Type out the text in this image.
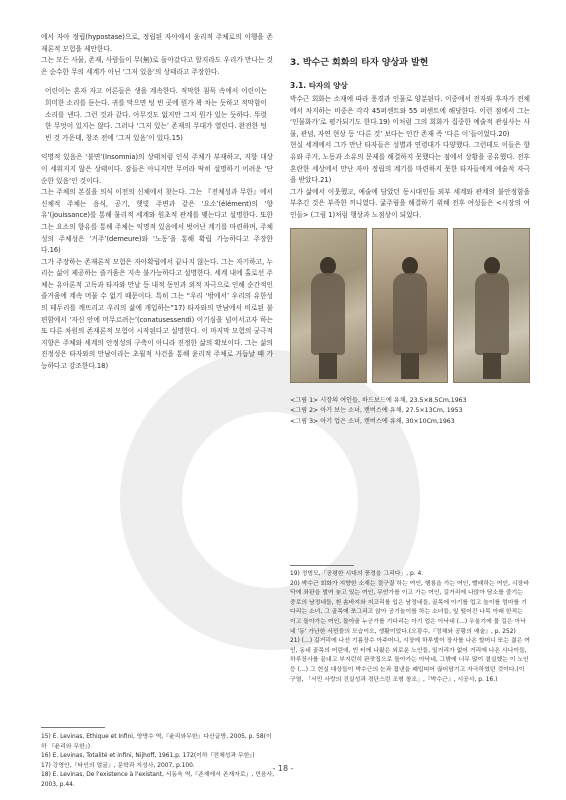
에서 자아 정립(hypostase)으로, 정립된 자아에서 윤리적 주체로의 이행을 존재론적 모험을 제안한다.

그는 모든 사물, 존재, 사람들이 무(無)로 돌아갔다고 할지라도 우리가 만나는 것은 순수한 무의 세계가 아닌 ‘그저 있음’의 상태라고 주장한다.

어린이는 혼자 자고 어른들은 생을 계속한다. 적막한 침묵 속에서 어린이는 희미한 소리를 듣는다. 귀를 막으면 텅 빈 곳에 뭔가 꽉 차는 듯하고 적막함이 소리를 낸다. 그런 것과 같다. 아무것도 없지만 그저 뭔가 있는 듯하다. 뚜렷한 무엇이 있지는 않다. 그러나 ‘그저 있는’ 존재의 무대가 열린다. 완전한 텅 빈 것 가운데, 창조 전에 ‘그저 있음’이 있다.15)

익명적 있음은 ‘불면’(Insomnia)의 상태처럼 인식 주체가 부재하고, 지향 대상이 세워지지 않은 상태이다. 잠들은 아니지만 무어라 딱히 설명하기 어려운 ‘단순한 있음’인 것이다.

그는 주체의 본질을 의식 이전의 신체에서 찾는다. 그는 『전체성과 무한』에서 신체적 주체는 음식, 공기, 햇빛 주변과 같은 ‘요소’(élément)의 ‘향유’(jouissance)를 통해 물리적 세계와 원초적 관계를 맺는다고 설명한다. 또한 그는 요소의 향유를 통해 주체는 익명적 있음에서 벗어난 계기를 마련하며, 주체성의 주체성은 ‘거주’(demeure)와 ‘노동’을 통해 확립 가능하다고 주장한다.16)

그가 주장하는 존재론적 모험은 자아확립에서 끝나지 않는다. 그는 자기하고, 누리는 삶이 제공하는 즐거움은 지속 불가능하다고 설명한다. 세계 내에 홀로선 주체는 유아론적 고독과 타자와 만날 등 내적 동인과 외적 자극으로 인해 순간적인 즐거움에 계속 머물 수 없기 때문이다. 특히 그는 “우리 ‘밖에서’ 우리의 유한성의 테두리를 깨뜨리고 우리의 삶에 개입하는”17) 타자와의 만남에서 비로된 불편함에서 ‘자신 안에 머무르려는’(conatusessendi) 이기심을 넘어서고자 하는 또 다른 차원의 존재론적 모험이 시작된다고 설명한다. 이 마지막 모험의 궁극적 지향은 주체와 세계의 안정성의 구축이 아니라 진정한 삶의 확보이다. 그는 삶의 진정성은 타자와의 만남이라는 초월적 사건을 통해 윤리적 주체로 거듭날 때 가능하다고 강조한다.18)

3. 박수근 회화의 타자 양상과 발현
3.1. 타자의 양상

박수근 회화는 소재에 따라 풍경과 인물로 양분된다. 이중에서 전자와 후자가 전체에서 차지하는 비중은 각각 45퍼센트와 55 퍼센트에 해당한다. 이런 점에서 그는 ‘인물화가’로 평가되기도 한다.19) 이처럼 그의 회화가 집중한 예술적 관심사는 사물, 관념, 자연 현상 등 ‘다른 것’ 보다는 인간 존재 즉 ‘다른 이’들이었다.20)

현실 세계에서 그가 만난 타자들은 성별과 연령대가 다양했다. 그런데도 이들은 향유와 주거, 노동과 소유의 문제를 해결하지 못했다는 점에서 상황을 공유했다. 전후 혼란한 세상에서 만난 자아 정립의 계기를 마련하지 못한 타자들에게 예술적 자극을 받았다.21)

그가 삶에서 이웃했고, 예술에 담았던 동시대인들 외부 세계와 관계의 불안정함을 부추긴 것은 부족한 끼니였다. 굶주림을 해결하기 위해 전후 여성들은 <시장의 여인들> (그림 1)처럼 행상과 노점상이 되었다.

<그림 1> 시장의 여인들, 하드보드에 유채, 23.5×8.5Cm,1963
<그림 2> 아기 보는 소녀, 캔버스에 유채, 27.5×13Cm, 1953
<그림 3> 아기 업은 소녀, 캔버스에 유채, 30×10Cm,1963

15) E. Levinas, Ethique et Infini, 양명수 역,『윤리와무한』다산글방, 2005, p. 58(이하 『윤리와 무한』)

16) E. Levinas, Totalité et infini, Nijhoff, 1961,p. 172(이하『전체성과 무한』)

17) 강영안,『타인의 얼굴』, 문학과 지성사, 2007, p.100.

18) E. Levinas, De l'existence à l'existant, 서동욱 역,『존재에서 존재자로』, 민음사, 2003, p.44.

19) 정범모,「공평한 시대의 풍경을 그리다」, p. 4.

20) 박수근 회화가 지향한 소재는 절구질 하는 여인, 행룡을 가는 여인, 빨래하는 여인, 시장바닥에 좌판을 벌여 놓고 있는 여인, 무언가를 이고 가는 여인, 길거리에 나앉아 담소를 즐기는 중로의 남정네들, 흰 솜바지와 저고리를 입은 남정네들, 골목에 아기를 업고 놀이를 엄마를 기다리는 소녀, 그 골목에 쪼그리고 앉아 공기놀이를 하는 소녀들, 잎 떨어진 나목 아래 한적는 이고 돌아가는 여인, 돌아올 누군가를 기다리는 아기 업은 아낙네 (…) 우울기에 물 길은 아낙네 '동' 가난한 서민들의 모습이오, 생활이었다.(오광수,『정체와 공황의 예술』, p. 252)

21) (…) 길거리에 나선 기름장수 아주머니, 시장에 하루벌이 장사를 나온 할머니 또는 젊은 여인, 동네 골목의 어린애, 빈 터에 나왔은 외로운 노인들, 일거리가 없어 거리에 나온 사나이들, 하루장사를 끝내고 부지런히 판잣집으로 돌아가는 아낙네, 그밖에 너무 많이 곁실했는 이 노인 등 (…) 그 현실 대상들이 박수근의 눈과 접낸을 쾌입띠어 끊어담기고 자극하였던 것이다.(이구열, 「서민 사랑의 진실성과 경단스런 조형 창조」,『박수근』, 시공사, p. 16.)

- 18 -
